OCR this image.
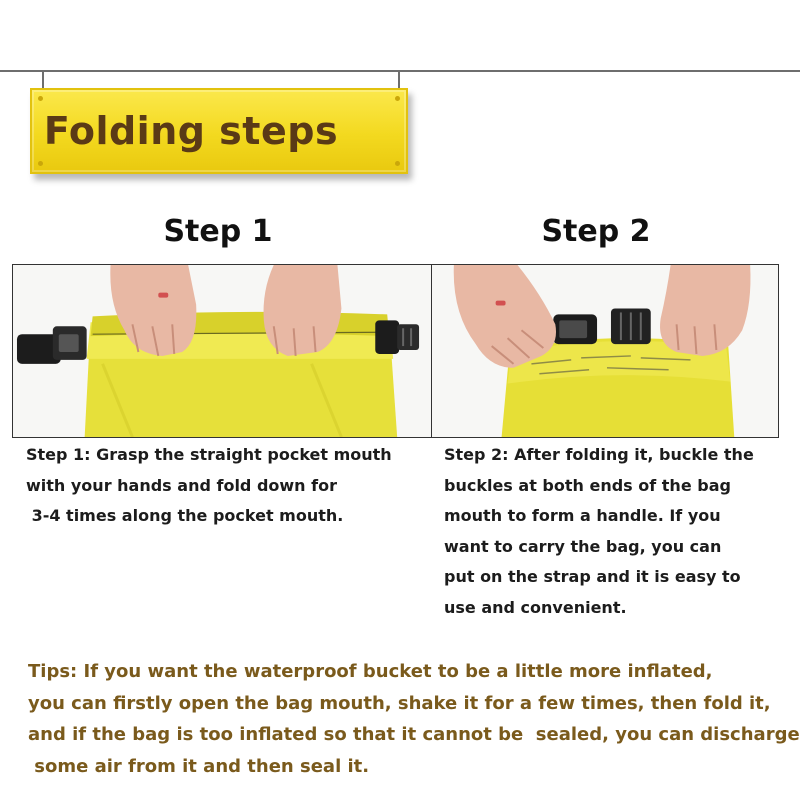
Folding steps
Step 1	Step 2
Step 1: Grasp the straight pocket mouth
with your hands and fold down for
3-4 times along the pocket mouth.
Step 2: After folding it, buckle the
buckles at both ends of the bag
mouth to form a handle. If you
want to carry the bag, you can
put on the strap and it is easy to
use and convenient.
Tips: If you want the waterproof bucket to be a little more inflated,
you can firstly open the bag mouth, shake it for a few times, then fold it,
and if the bag is too inflated so that it cannot be  sealed, you can discharge
some air from it and then seal it.
